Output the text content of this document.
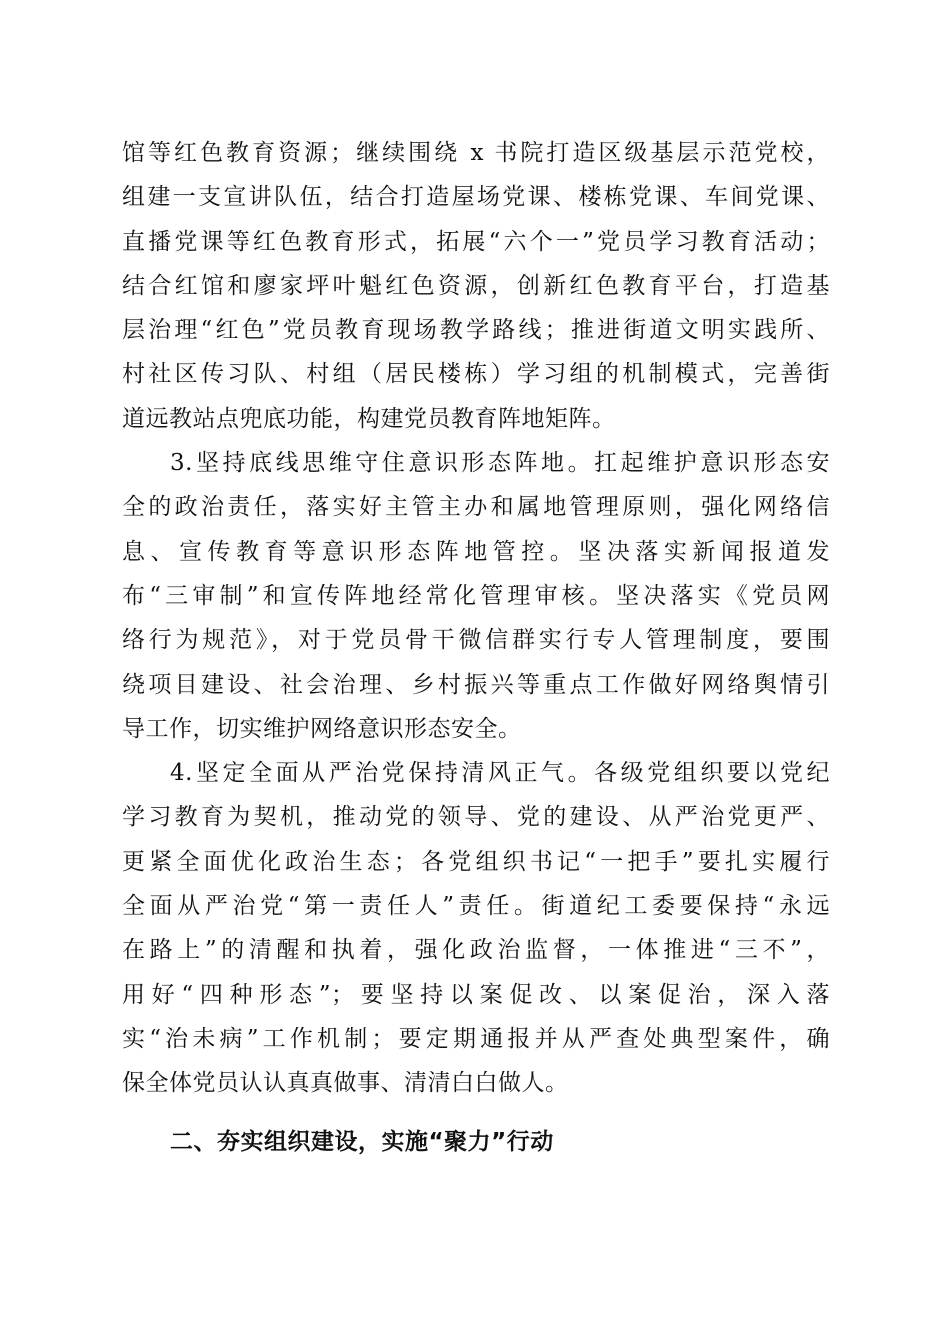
馆等红色教育资源；继续围绕 x 书院打造区级基层示范党校，
组建一支宣讲队伍，结合打造屋场党课、楼栋党课、车间党课、
直播党课等红色教育形式，拓展“六个一”党员学习教育活动；
结合红馆和廖家坪叶魁红色资源，创新红色教育平台，打造基
层治理“红色”党员教育现场教学路线；推进街道文明实践所、
村社区传习队、村组（居民楼栋）学习组的机制模式，完善街
道远教站点兜底功能，构建党员教育阵地矩阵。
3.坚持底线思维守住意识形态阵地。扛起维护意识形态安
全的政治责任，落实好主管主办和属地管理原则，强化网络信
息、宣传教育等意识形态阵地管控。坚决落实新闻报道发
布“三审制”和宣传阵地经常化管理审核。坚决落实《党员网
络行为规范》，对于党员骨干微信群实行专人管理制度，要围
绕项目建设、社会治理、乡村振兴等重点工作做好网络舆情引
导工作，切实维护网络意识形态安全。
4.坚定全面从严治党保持清风正气。各级党组织要以党纪
学习教育为契机，推动党的领导、党的建设、从严治党更严、
更紧全面优化政治生态；各党组织书记“一把手”要扎实履行
全面从严治党“第一责任人”责任。街道纪工委要保持“永远
在路上”的清醒和执着，强化政治监督，一体推进“三不”，
用好“四种形态”；要坚持以案促改、以案促治，深入落
实“治未病”工作机制；要定期通报并从严查处典型案件，确
保全体党员认认真真做事、清清白白做人。
二、夯实组织建设，实施“聚力”行动
